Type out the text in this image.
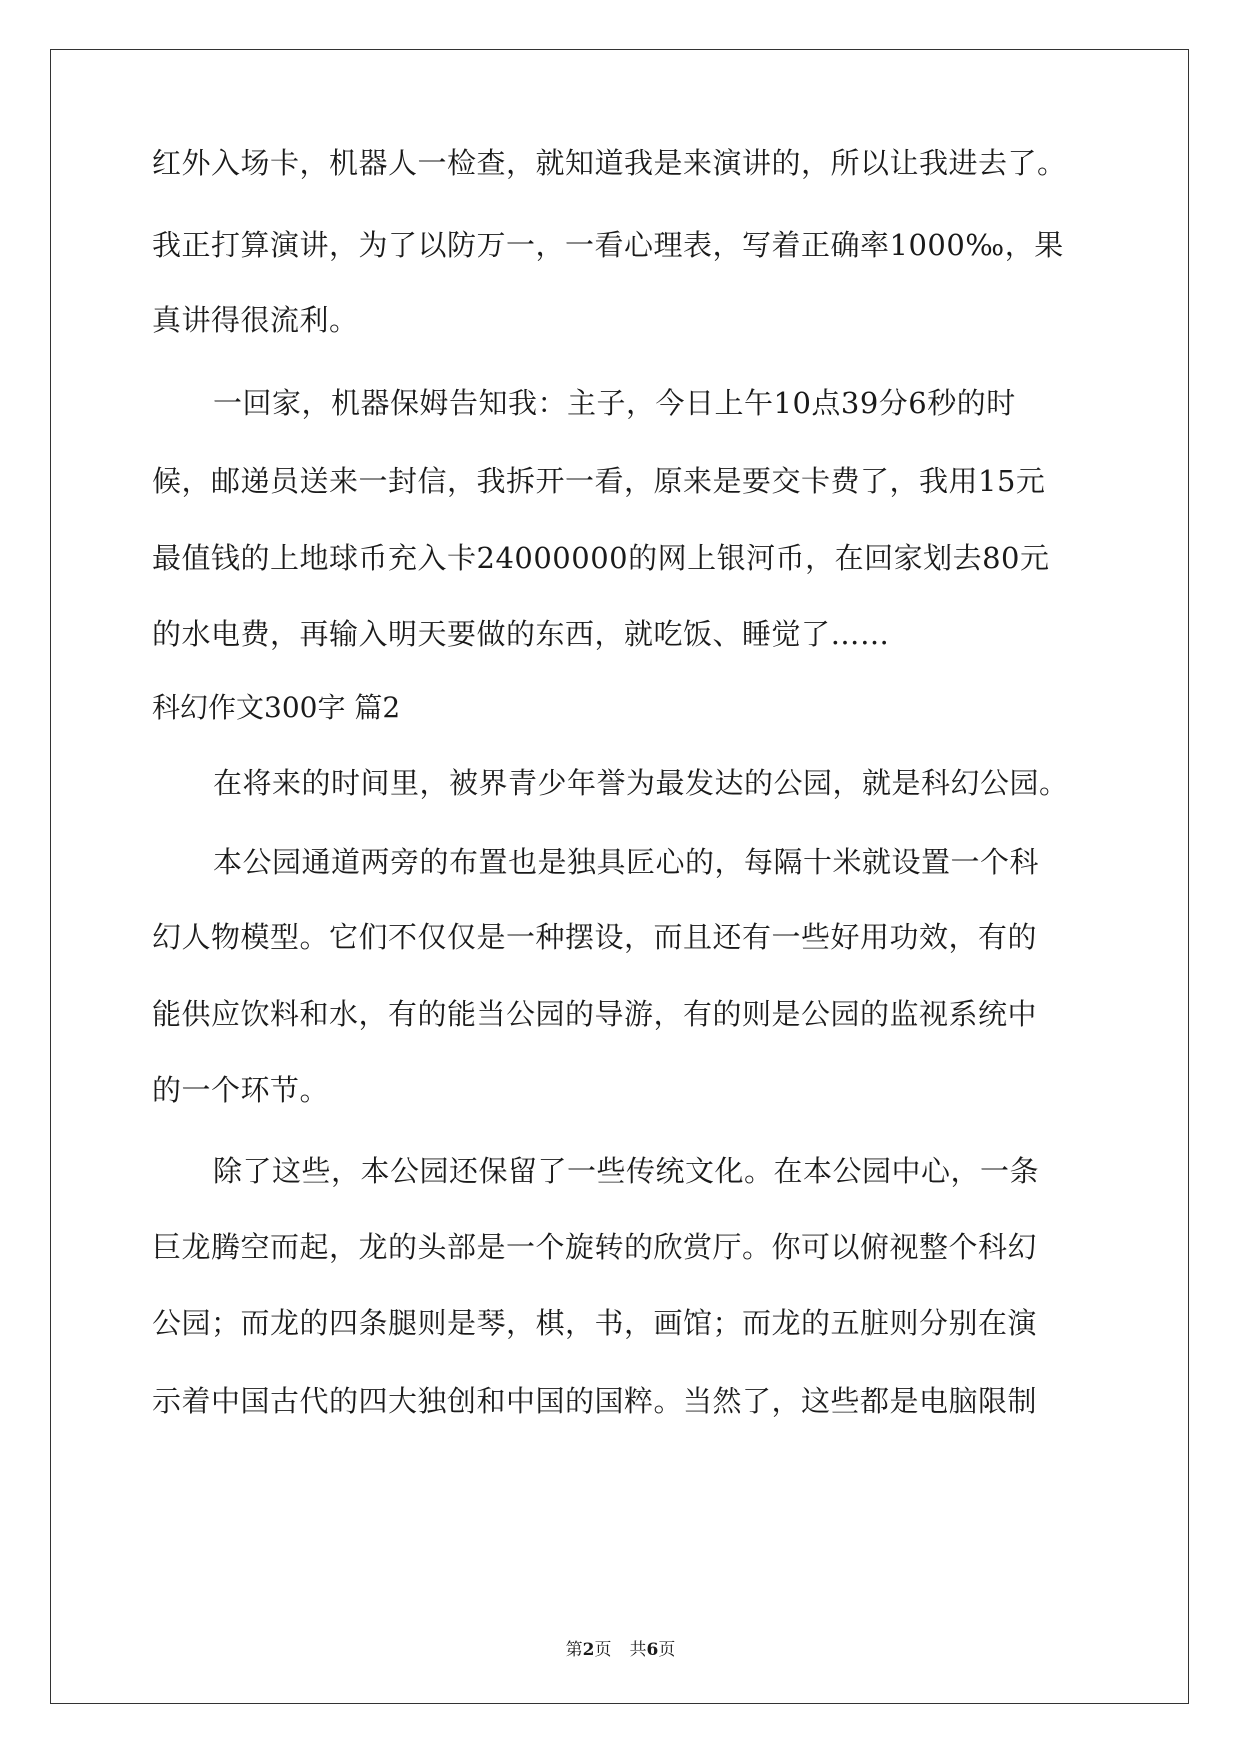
红外入场卡，机器人一检查，就知道我是来演讲的，所以让我进去了。
我正打算演讲，为了以防万一，一看心理表，写着正确率1000‰，果
真讲得很流利。
一回家，机器保姆告知我：主子，今日上午10点39分6秒的时
候，邮递员送来一封信，我拆开一看，原来是要交卡费了，我用15元
最值钱的上地球币充入卡24000000的网上银河币，在回家划去80元
的水电费，再输入明天要做的东西，就吃饭、睡觉了……
科幻作文300字 篇2
在将来的时间里，被界青少年誉为最发达的公园，就是科幻公园。
本公园通道两旁的布置也是独具匠心的，每隔十米就设置一个科
幻人物模型。它们不仅仅是一种摆设，而且还有一些好用功效，有的
能供应饮料和水，有的能当公园的导游，有的则是公园的监视系统中
的一个环节。
除了这些，本公园还保留了一些传统文化。在本公园中心，一条
巨龙腾空而起，龙的头部是一个旋转的欣赏厅。你可以俯视整个科幻
公园；而龙的四条腿则是琴，棋，书，画馆；而龙的五脏则分别在演
示着中国古代的四大独创和中国的国粹。当然了，这些都是电脑限制
第2页 共6页
